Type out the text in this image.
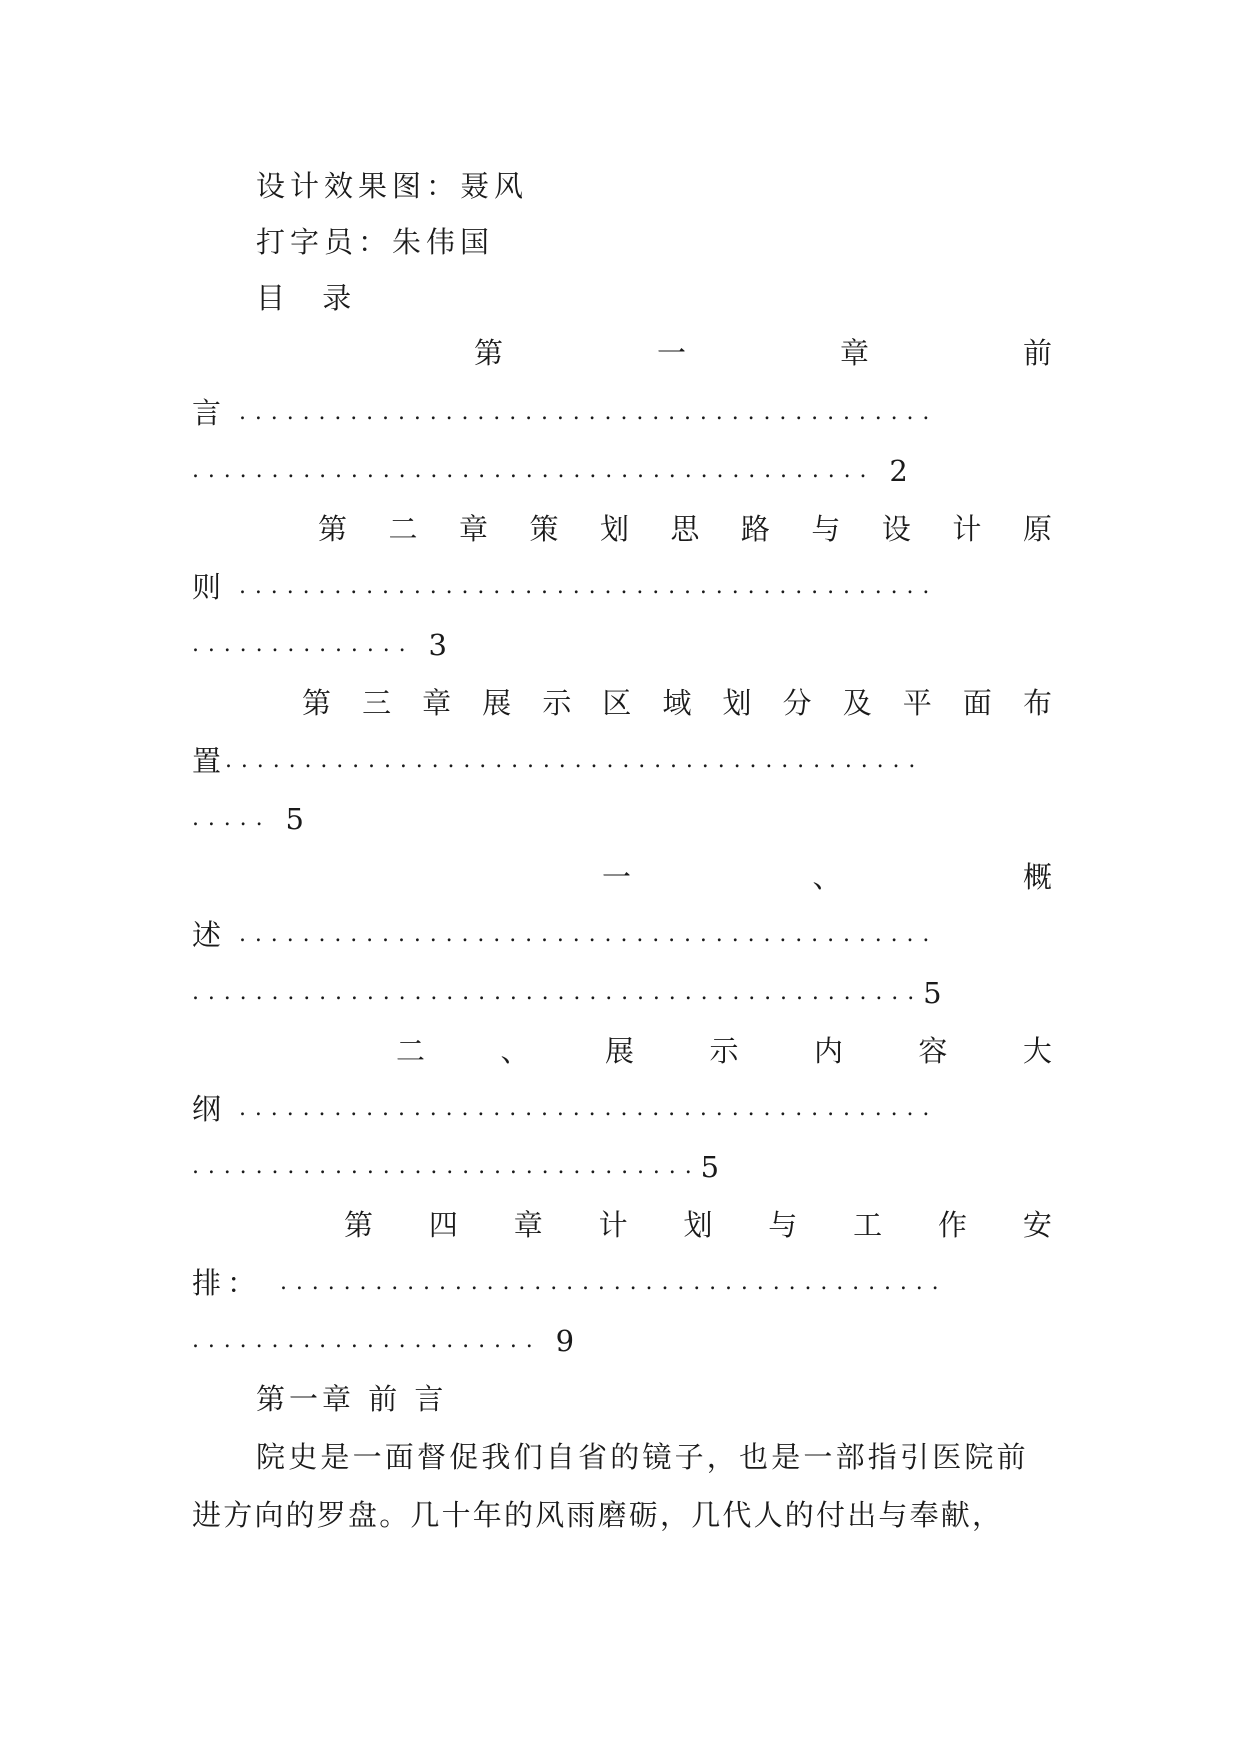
设计效果图：聂风
打字员：朱伟国
目 录
第	一	章	前
言 ............................................
........................................... 2
第 二 章 策 划 思 路 与 设 计 原
则 ............................................
.............. 3
第 三 章 展 示 区 域 划 分 及 平 面 布
置 ............................................
..... 5
一	、	概
述 ............................................
.............................................. 5
二	、	展	示	内	容	大
纲 ............................................
................................ 5
第 四 章 计 划 与 工 作 安
排： ..........................................
...................... 9
第一章 前 言
院史是一面督促我们自省的镜子，也是一部指引医院前
进方向的罗盘。几十年的风雨磨砺，几代人的付出与奉献，
